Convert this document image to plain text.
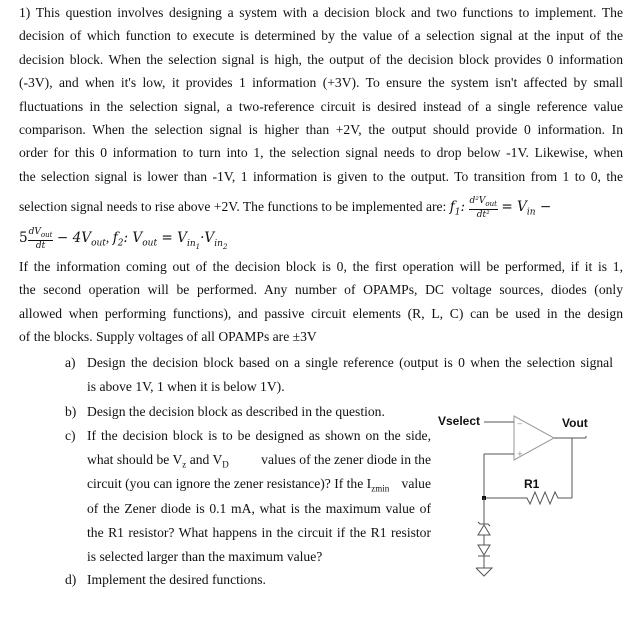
1) This question involves designing a system with a decision block and two functions to implement. The
decision of which function to execute is determined by the value of a selection signal at the input of the
decision block. When the selection signal is high, the output of the decision block provides 0 information
(-3V), and when it's low, it provides 1 information (+3V). To ensure the system isn't affected by small
fluctuations in the selection signal, a two-reference circuit is desired instead of a single reference value
comparison. When the selection signal is higher than +2V, the output should provide 0 information. In
order for this 0 information to turn into 1, the selection signal needs to drop below -1V. Likewise, when
the selection signal is lower than -1V, 1 information is given to the output. To transition from 1 to 0, the
selection signal needs to rise above +2V. The functions to be implemented are: $f_1$: $\frac{d^2V_{out}}{\text{dt²}} = V_{in}$ −
$5 \frac{dV_{out}}{dt} - 4V_{out}$, $f_2$: $V_{out} = V_{in_1}\cdot V_{in_2}$
If the information coming out of the decision block is 0, the first operation will be performed, if it is 1,
the second operation will be performed. Any number of OPAMPs, DC voltage sources, diodes (only
allowed when performing functions), and passive circuit elements (R, L, C) can be used in the design
of the blocks. Supply voltages of all OPAMPs are ±3V
a) Design the decision block based on a single reference (output is 0 when the selection signal
is above 1V, 1 when it is below 1V).
b) Design the decision block as described in the question.
c) If the decision block is to be designed as shown on the side,
what should be $V_z$ and $V_D$ values of the zener diode in the
circuit (you can ignore the zener resistance)? If the $I_{zmin}$ value
of the Zener diode is 0.1 mA, what is the maximum value of
the R1 resistor? What happens in the circuit if the R1 resistor
is selected larger than the maximum value?
d) Implement the desired functions.
Vselect	Vout
R1
−
+
